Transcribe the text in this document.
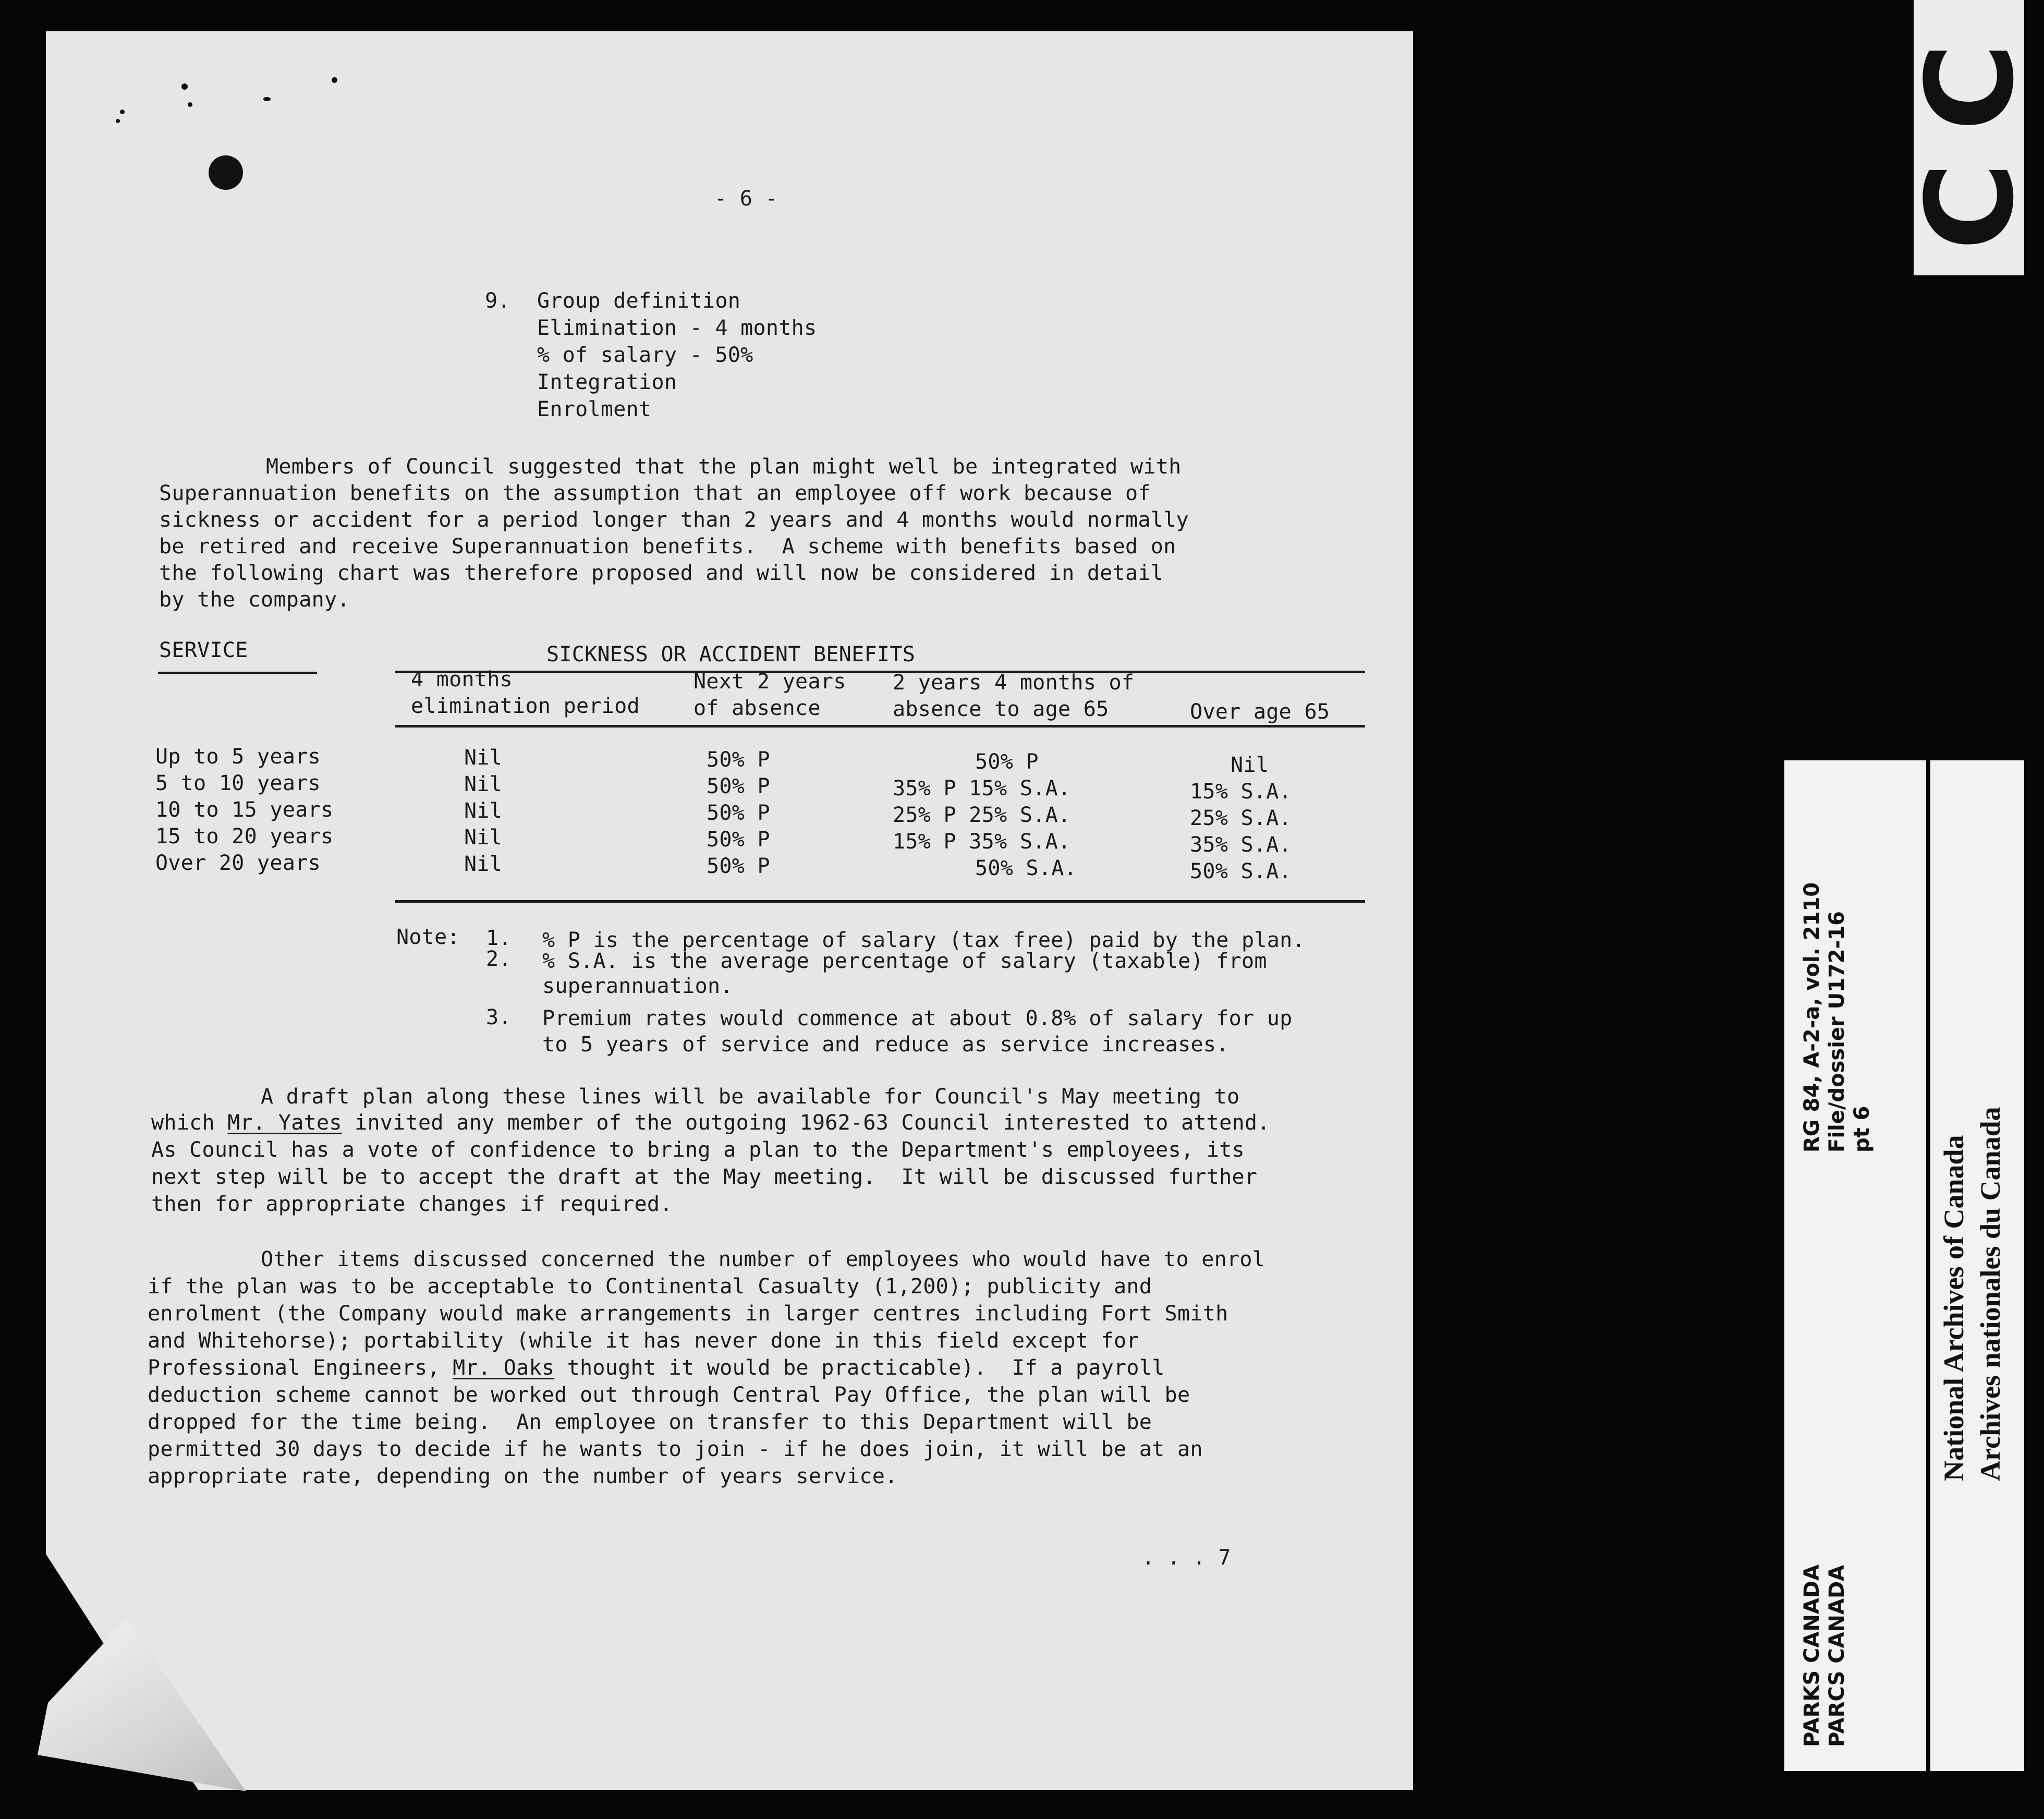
- 6 -
9. Group definition
Elimination - 4 months
% of salary - 50%
Integration
Enrolment
Members of Council suggested that the plan might well be integrated with
Superannuation benefits on the assumption that an employee off work because of
sickness or accident for a period longer than 2 years and 4 months would normally
be retired and receive Superannuation benefits.  A scheme with benefits based on
the following chart was therefore proposed and will now be considered in detail
by the company.
SERVICE	SICKNESS OR ACCIDENT BENEFITS
4 months
elimination period
Next 2 years
of absence
2 years 4 months of
absence to age 65	Over age 65
Up to 5 years
5 to 10 years
10 to 15 years
15 to 20 years
Over 20 years
Nil
Nil
Nil
Nil
Nil
50% P
50% P
50% P
50% P
50% P
50% P
35% P 15% S.A.
25% P 25% S.A.
15% P 35% S.A.
50% S.A.
Nil
15% S.A.
25% S.A.
35% S.A.
50% S.A.
Note: 1. % P is the percentage of salary (tax free) paid by the plan.
2. % S.A. is the average percentage of salary (taxable) from
superannuation.
3. Premium rates would commence at about 0.8% of salary for up
to 5 years of service and reduce as service increases.
A draft plan along these lines will be available for Council's May meeting to
which Mr. Yates invited any member of the outgoing 1962-63 Council interested to attend.
As Council has a vote of confidence to bring a plan to the Department's employees, its
next step will be to accept the draft at the May meeting.  It will be discussed further
then for appropriate changes if required.
Other items discussed concerned the number of employees who would have to enrol
if the plan was to be acceptable to Continental Casualty (1,200); publicity and
enrolment (the Company would make arrangements in larger centres including Fort Smith
and Whitehorse); portability (while it has never done in this field except for
Professional Engineers, Mr. Oaks thought it would be practicable).  If a payroll
deduction scheme cannot be worked out through Central Pay Office, the plan will be
dropped for the time being.  An employee on transfer to this Department will be
permitted 30 days to decide if he wants to join - if he does join, it will be at an
appropriate rate, depending on the number of years service.
. . . 7
CC
RG 84, A-2-a, vol. 2110 File/dossier U172-16 pt 6
PARKS CANADA PARCS CANADA
National Archives of Canada Archives nationales du Canada
